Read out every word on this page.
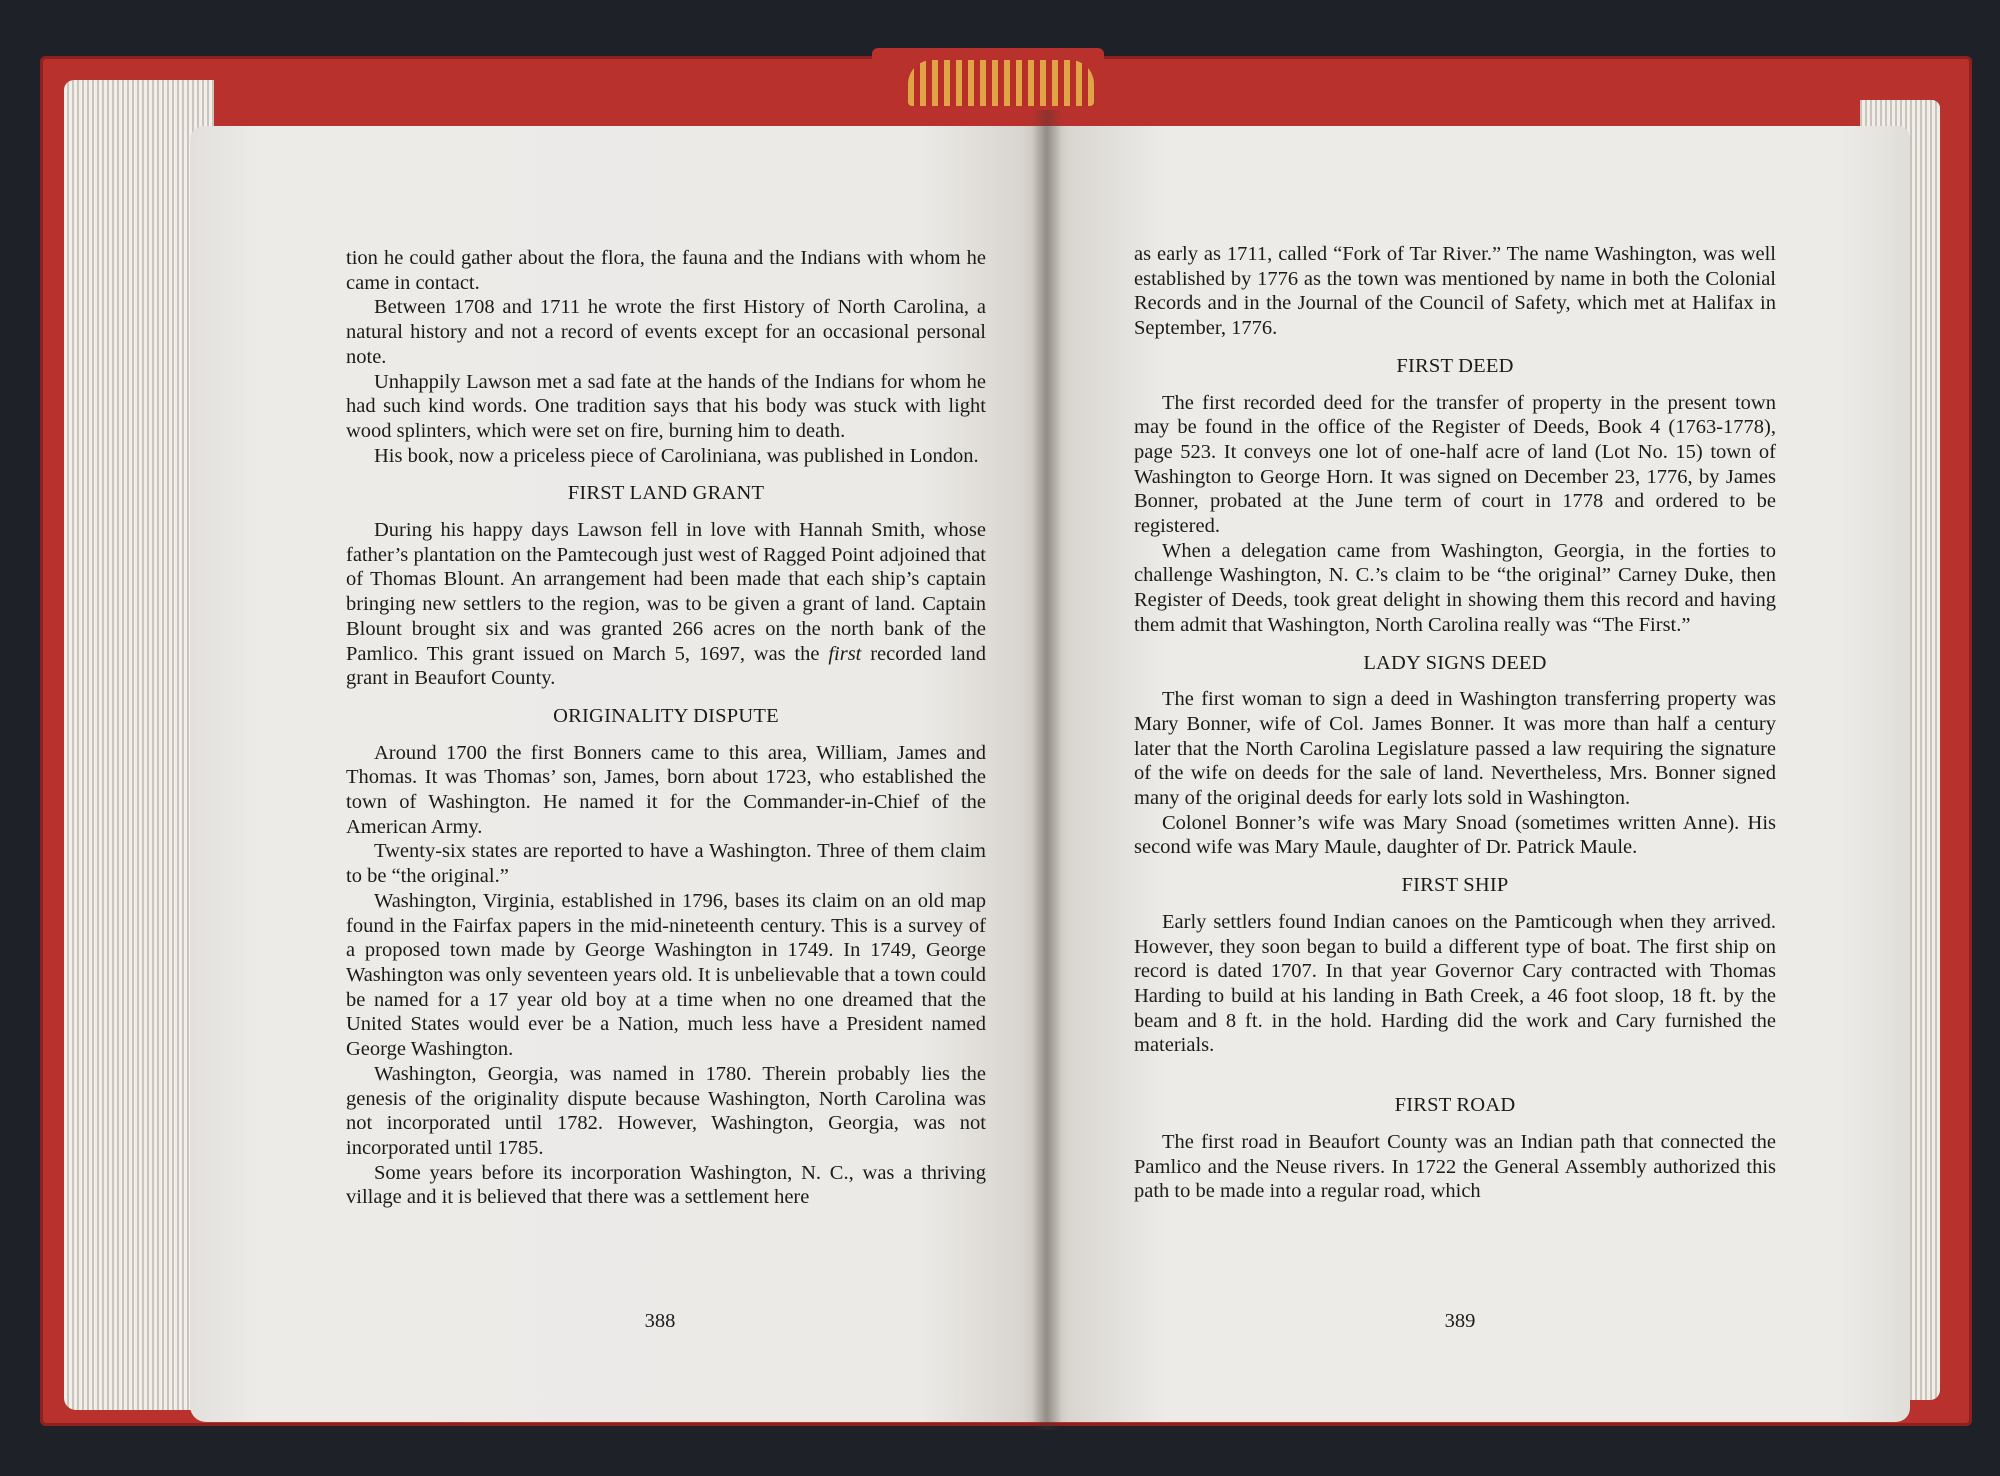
tion he could gather about the flora, the fauna and the Indians with whom he came in contact.

Between 1708 and 1711 he wrote the first History of North Carolina, a natural history and not a record of events except for an occasional personal note.

Unhappily Lawson met a sad fate at the hands of the Indians for whom he had such kind words. One tradition says that his body was stuck with light wood splinters, which were set on fire, burning him to death.

His book, now a priceless piece of Caroliniana, was published in London.

FIRST LAND GRANT

During his happy days Lawson fell in love with Hannah Smith, whose father’s plantation on the Pamtecough just west of Ragged Point adjoined that of Thomas Blount. An arrangement had been made that each ship’s captain bringing new settlers to the region, was to be given a grant of land. Captain Blount brought six and was granted 266 acres on the north bank of the Pamlico. This grant issued on March 5, 1697, was the first recorded land grant in Beaufort County.

ORIGINALITY DISPUTE

Around 1700 the first Bonners came to this area, William, James and Thomas. It was Thomas’ son, James, born about 1723, who established the town of Washington. He named it for the Commander-in-Chief of the American Army.

Twenty-six states are reported to have a Washington. Three of them claim to be “the original.”

Washington, Virginia, established in 1796, bases its claim on an old map found in the Fairfax papers in the mid-nineteenth century. This is a survey of a proposed town made by George Washington in 1749. In 1749, George Washington was only seventeen years old. It is unbelievable that a town could be named for a 17 year old boy at a time when no one dreamed that the United States would ever be a Nation, much less have a President named George Washington.

Washington, Georgia, was named in 1780. Therein probably lies the genesis of the originality dispute because Washington, North Carolina was not incorporated until 1782. However, Washington, Georgia, was not incorporated until 1785.

Some years before its incorporation Washington, N. C., was a thriving village and it is believed that there was a settlement here

388

as early as 1711, called “Fork of Tar River.” The name Washington, was well established by 1776 as the town was mentioned by name in both the Colonial Records and in the Journal of the Council of Safety, which met at Halifax in September, 1776.

FIRST DEED

The first recorded deed for the transfer of property in the present town may be found in the office of the Register of Deeds, Book 4 (1763-1778), page 523. It conveys one lot of one-half acre of land (Lot No. 15) town of Washington to George Horn. It was signed on December 23, 1776, by James Bonner, probated at the June term of court in 1778 and ordered to be registered.

When a delegation came from Washington, Georgia, in the forties to challenge Washington, N. C.’s claim to be “the original” Carney Duke, then Register of Deeds, took great delight in showing them this record and having them admit that Washington, North Carolina really was “The First.”

LADY SIGNS DEED

The first woman to sign a deed in Washington transferring property was Mary Bonner, wife of Col. James Bonner. It was more than half a century later that the North Carolina Legislature passed a law requiring the signature of the wife on deeds for the sale of land. Nevertheless, Mrs. Bonner signed many of the original deeds for early lots sold in Washington.

Colonel Bonner’s wife was Mary Snoad (sometimes written Anne). His second wife was Mary Maule, daughter of Dr. Patrick Maule.

FIRST SHIP

Early settlers found Indian canoes on the Pamticough when they arrived. However, they soon began to build a different type of boat. The first ship on record is dated 1707. In that year Governor Cary contracted with Thomas Harding to build at his landing in Bath Creek, a 46 foot sloop, 18 ft. by the beam and 8 ft. in the hold. Harding did the work and Cary furnished the materials.

FIRST ROAD

The first road in Beaufort County was an Indian path that connected the Pamlico and the Neuse rivers. In 1722 the General Assembly authorized this path to be made into a regular road, which

389
